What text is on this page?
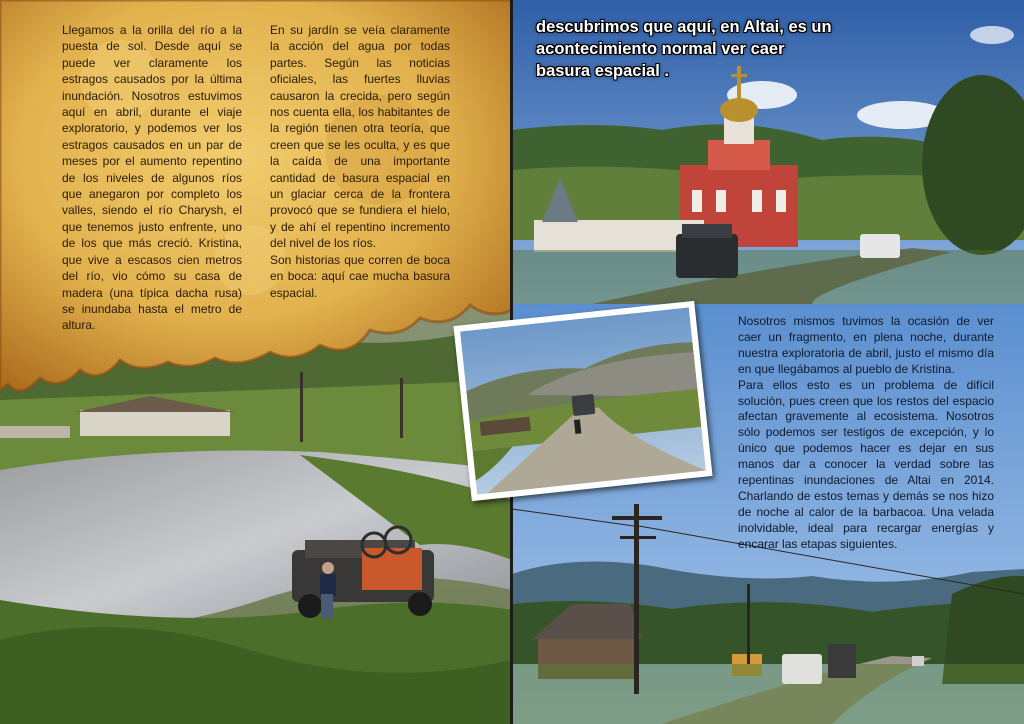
Llegamos a la orilla del río a la puesta de sol. Desde aquí se puede ver claramente los estragos causados por la última inundación. Nosotros estuvimos aquí en abril, durante el viaje exploratorio, y podemos ver los estragos causados en un par de meses por el aumento repentino de los niveles de algunos ríos que anegaron por completo los valles, siendo el río Charysh, el que tenemos justo enfrente, uno de los que más creció. Kristina, que vive a escasos cien metros del río, vio cómo su casa de madera (una típica dacha rusa) se inundaba hasta el metro de altura.

En su jardín se veía claramente la acción del agua por todas partes. Según las noticias oficiales, las fuertes lluvias causaron la crecida, pero según nos cuenta ella, los habitantes de la región tienen otra teoría, que creen que se les oculta, y es que la caída de una importante cantidad de basura espacial en un glaciar cerca de la frontera provocó que se fundiera el hielo, y de ahí el repentino incremento del nivel de los ríos.

Son historias que corren de boca en boca: aquí cae mucha basura espacial.

descubrimos que aquí, en Altai, es un acontecimiento normal ver caer basura espacial .

Nosotros mismos tuvimos la ocasión de ver caer un fragmento, en plena noche, durante nuestra exploratoria de abril, justo el mismo día en que llegábamos al pueblo de Kristina.

Para ellos esto es un problema de difícil solución, pues creen que los restos del espacio afectan gravemente al ecosistema. Nosotros sólo podemos ser testigos de excepción, y lo único que podemos hacer es dejar en sus manos dar a conocer la verdad sobre las repentinas inundaciones de Altai en 2014. Charlando de estos temas y demás se nos hizo de noche al calor de la barbacoa. Una velada inolvidable, ideal para recargar energías y encarar las etapas siguientes.
